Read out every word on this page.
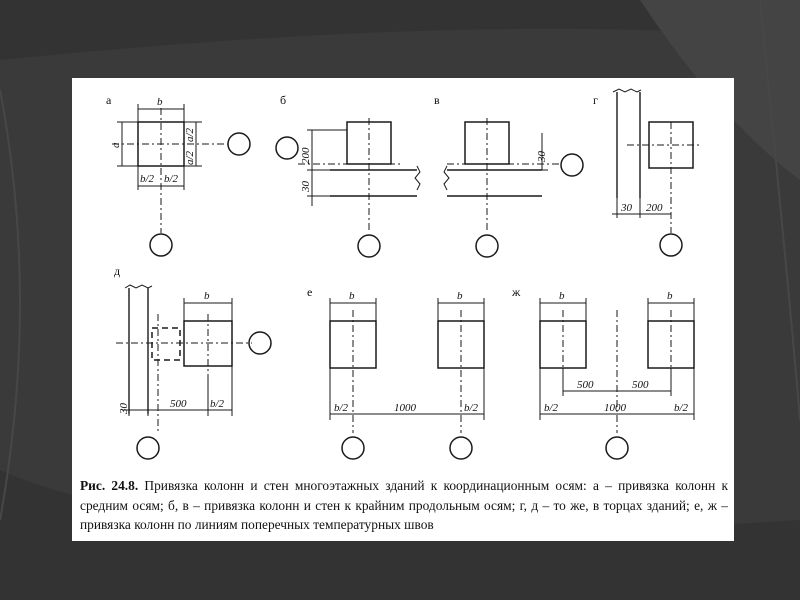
а	b
a
a/2
a/2
b/2 b/2
б
200
30
в
30
г
30 200
д
b
30	500 b/2
е	b	b
b/2	1000	b/2
ж	b	b
500	500
b/2	1000	b/2
Рис. 24.8. Привязка колонн и стен многоэтажных зданий к координационным осям: а – привязка колонн к средним осям; б, в – привязка колонн и стен к крайним продольным осям; г, д – то же, в торцах зданий; е, ж – привязка колонн по линиям поперечных температурных швов
